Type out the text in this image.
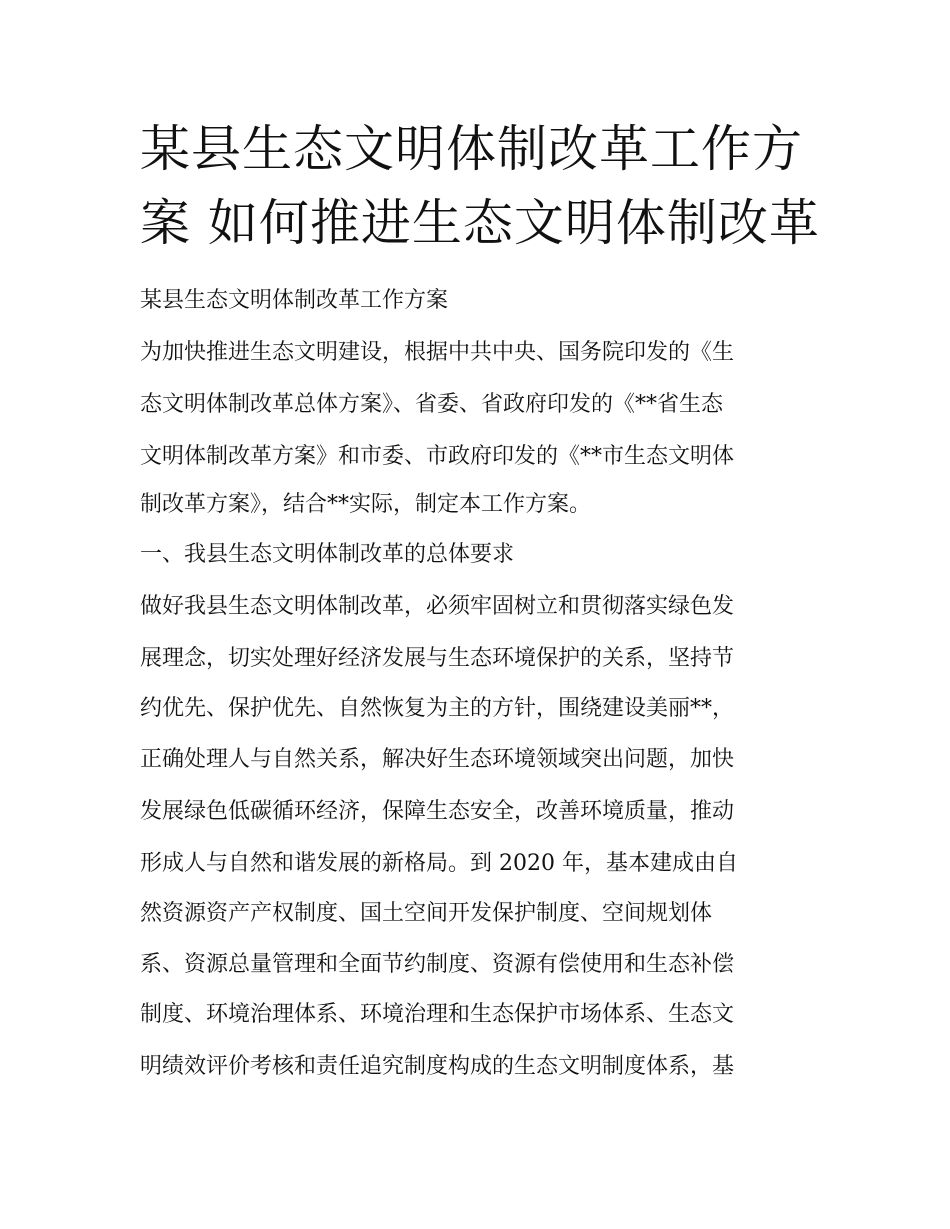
某县生态文明体制改革工作方
案 如何推进生态文明体制改革
某县生态文明体制改革工作方案
为加快推进生态文明建设，根据中共中央、国务院印发的《生
态文明体制改革总体方案》、省委、省政府印发的《**省生态
文明体制改革方案》和市委、市政府印发的《**市生态文明体
制改革方案》，结合**实际，制定本工作方案。
一、我县生态文明体制改革的总体要求
做好我县生态文明体制改革，必须牢固树立和贯彻落实绿色发
展理念，切实处理好经济发展与生态环境保护的关系，坚持节
约优先、保护优先、自然恢复为主的方针，围绕建设美丽**，
正确处理人与自然关系，解决好生态环境领域突出问题，加快
发展绿色低碳循环经济，保障生态安全，改善环境质量，推动
形成人与自然和谐发展的新格局。到 2020 年，基本建成由自
然资源资产产权制度、国土空间开发保护制度、空间规划体
系、资源总量管理和全面节约制度、资源有偿使用和生态补偿
制度、环境治理体系、环境治理和生态保护市场体系、生态文
明绩效评价考核和责任追究制度构成的生态文明制度体系，基
